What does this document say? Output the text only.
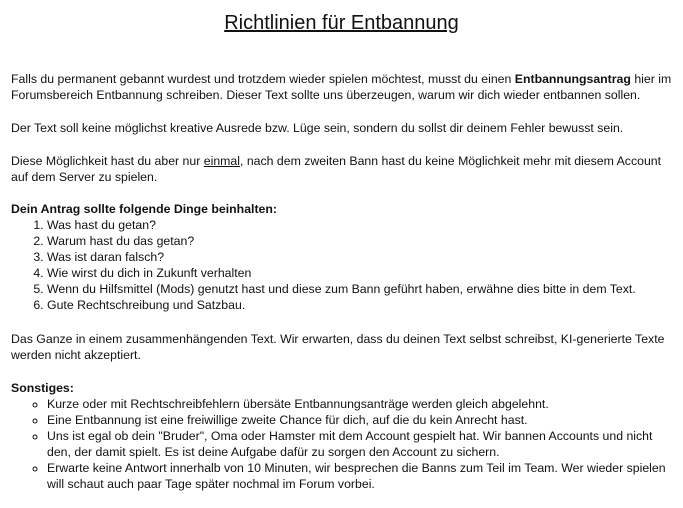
Richtlinien für Entbannung

Falls du permanent gebannt wurdest und trotzdem wieder spielen möchtest, musst du einen Entbannungsantrag hier im Forumsbereich Entbannung schreiben. Dieser Text sollte uns überzeugen, warum wir dich wieder entbannen sollen.

Der Text soll keine möglichst kreative Ausrede bzw. Lüge sein, sondern du sollst dir deinem Fehler bewusst sein.

Diese Möglichkeit hast du aber nur einmal, nach dem zweiten Bann hast du keine Möglichkeit mehr mit diesem Account auf dem Server zu spielen.

Dein Antrag sollte folgende Dinge beinhalten:

1. Was hast du getan?
2. Warum hast du das getan?
3. Was ist daran falsch?
4. Wie wirst du dich in Zukunft verhalten
5. Wenn du Hilfsmittel (Mods) genutzt hast und diese zum Bann geführt haben, erwähne dies bitte in dem Text.
6. Gute Rechtschreibung und Satzbau.

Das Ganze in einem zusammenhängenden Text. Wir erwarten, dass du deinen Text selbst schreibst, KI-generierte Texte werden nicht akzeptiert.

Sonstiges:

◦ Kurze oder mit Rechtschreibfehlern übersäte Entbannungsanträge werden gleich abgelehnt.
◦ Eine Entbannung ist eine freiwillige zweite Chance für dich, auf die du kein Anrecht hast.
◦ Uns ist egal ob dein "Bruder", Oma oder Hamster mit dem Account gespielt hat. Wir bannen Accounts und nicht den, der damit spielt. Es ist deine Aufgabe dafür zu sorgen den Account zu sichern.
◦ Erwarte keine Antwort innerhalb von 10 Minuten, wir besprechen die Banns zum Teil im Team. Wer wieder spielen will schaut auch paar Tage später nochmal im Forum vorbei.
